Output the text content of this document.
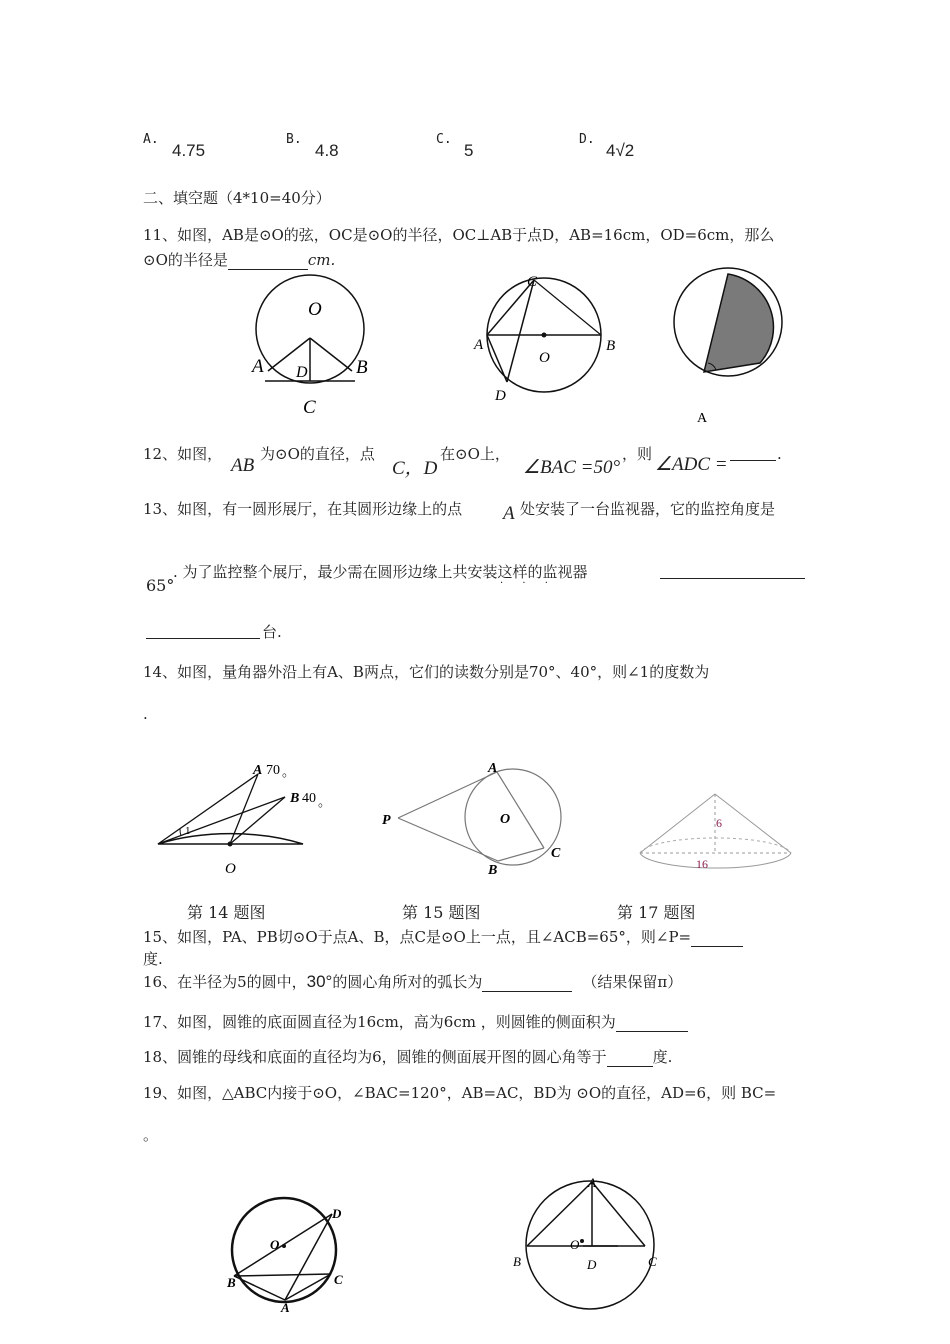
A.
4.75
B.
4.8
C.
5
D.
4√2
二、填空题（4*10=40分）
11、如图，AB是⊙O的弦，OC是⊙O的半径，OC⊥AB于点D，AB=16cm，OD=6cm，那么
⊙O的半径是	cm.
O
A	B
D
C
C
A
O
B
D
A
12、如图，
AB
为⊙O的直径，点
C，D
在⊙O上，
∠BAC =50°
，则 ∠ADC =	.
13、如图，有一圆形展厅，在其圆形边缘上的点 A 处安装了一台监视器，它的监控角度是
65°
. 为了监控整个展厅，最少需在圆形边缘上共安装这样的监视器
· · ·
台.
14、如图，量角器外沿上有A、B两点，它们的读数分别是70°、40°，则∠1的度数为
.
1
A 70 。
B 40 。
O
A
P	O
B
C
6
16
第 14 题图	第 15 题图	第 17 题图
15、如图，PA、PB切⊙O于点A、B，点C是⊙O上一点，且∠ACB=65°，则∠P=
度.
16、在半径为5的圆中，30°的圆心角所对的弧长为	（结果保留π）
17、如图，圆锥的底面圆直径为16cm，高为6cm ，则圆锥的侧面积为
18、圆锥的母线和底面的直径均为6，圆锥的侧面展开图的圆心角等于	度.
19、如图，△ABC内接于⊙O，∠BAC=120°，AB=AC，BD为 ⊙O的直径，AD=6，则 BC=
。
D
O
B	C
A
A
O
B	D	C
